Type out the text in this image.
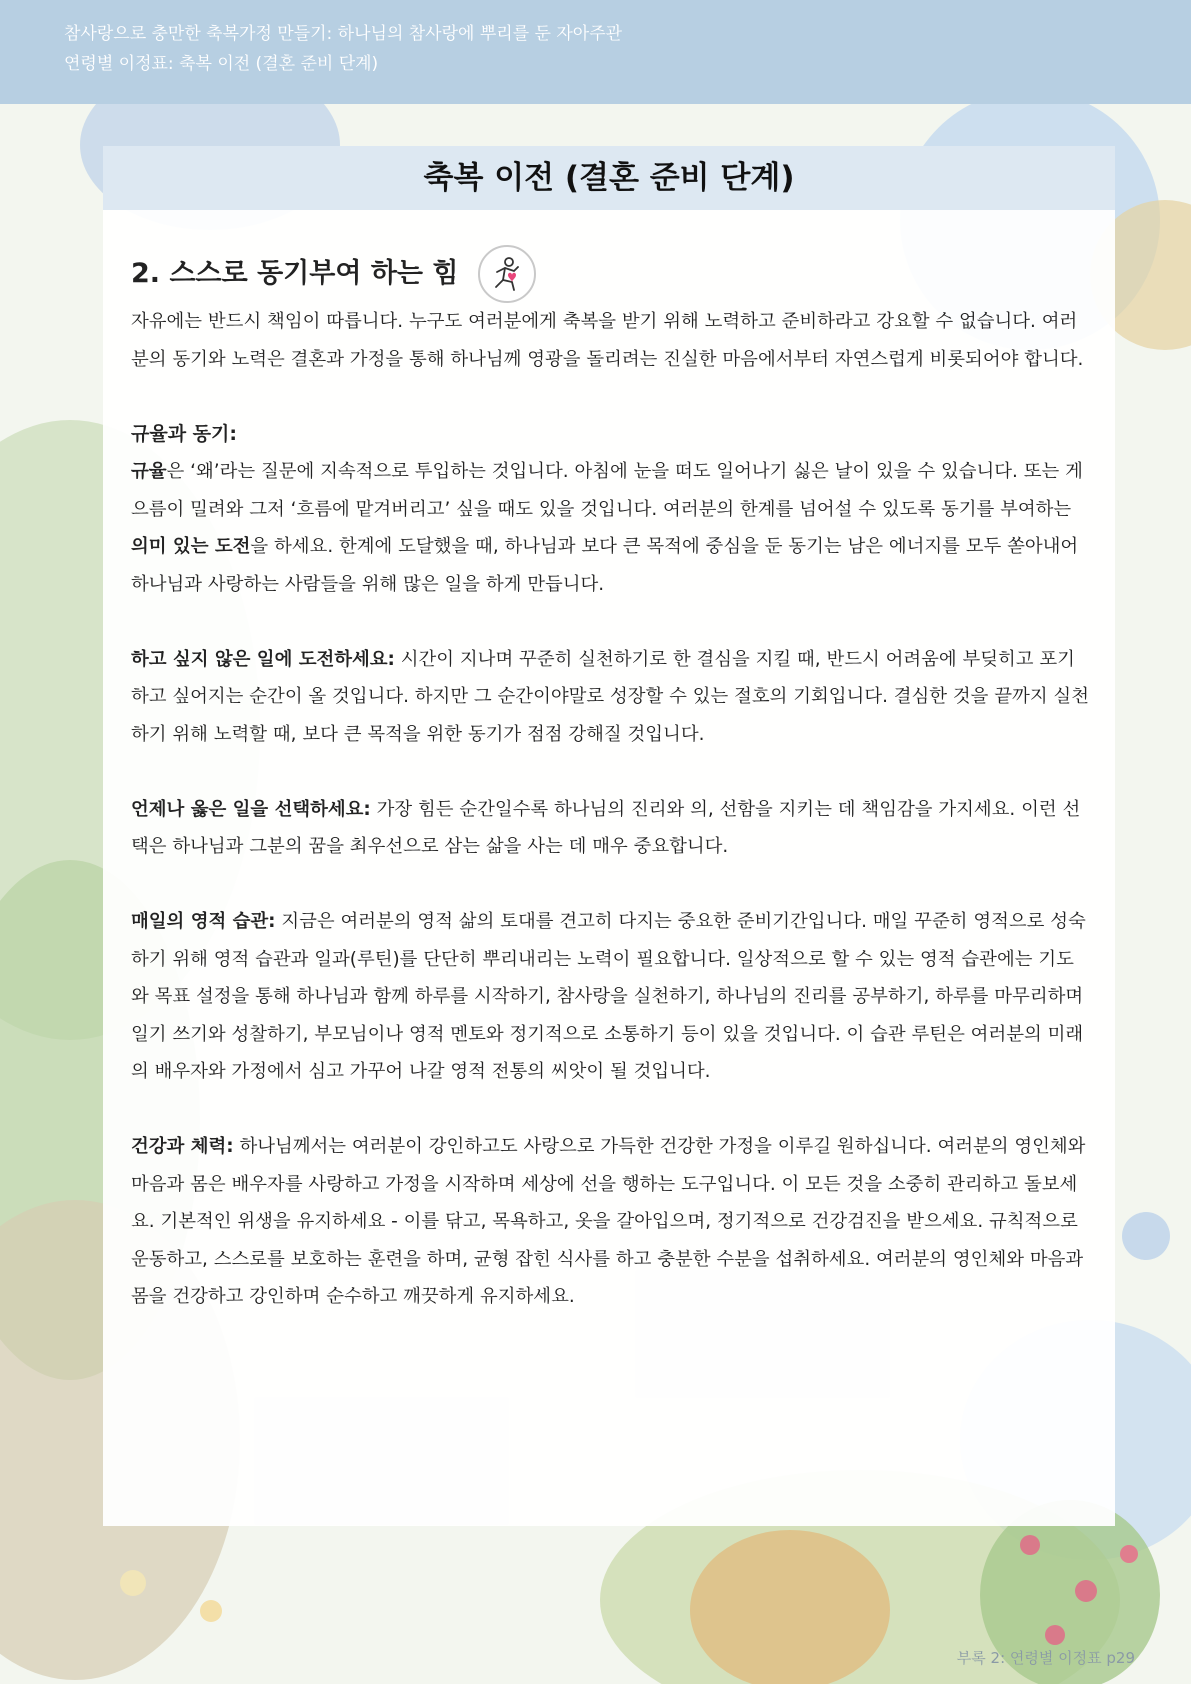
참사랑으로 충만한 축복가정 만들기: 하나님의 참사랑에 뿌리를 둔 자아주관
연령별 이정표: 축복 이전 (결혼 준비 단계)
축복 이전 (결혼 준비 단계)
2. 스스로 동기부여 하는 힘

자유에는 반드시 책임이 따릅니다. 누구도 여러분에게 축복을 받기 위해 노력하고 준비하라고 강요할 수 없습니다. 여러분의 동기와 노력은 결혼과 가정을 통해 하나님께 영광을 돌리려는 진실한 마음에서부터 자연스럽게 비롯되어야 합니다.

규율과 동기:

규율은 ‘왜’라는 질문에 지속적으로 투입하는 것입니다. 아침에 눈을 떠도 일어나기 싫은 날이 있을 수 있습니다. 또는 게으름이 밀려와 그저 ‘흐름에 맡겨버리고’ 싶을 때도 있을 것입니다. 여러분의 한계를 넘어설 수 있도록 동기를 부여하는 의미 있는 도전을 하세요. 한계에 도달했을 때, 하나님과 보다 큰 목적에 중심을 둔 동기는 남은 에너지를 모두 쏟아내어 하나님과 사랑하는 사람들을 위해 많은 일을 하게 만듭니다.

하고 싶지 않은 일에 도전하세요: 시간이 지나며 꾸준히 실천하기로 한 결심을 지킬 때, 반드시 어려움에 부딪히고 포기하고 싶어지는 순간이 올 것입니다. 하지만 그 순간이야말로 성장할 수 있는 절호의 기회입니다. 결심한 것을 끝까지 실천하기 위해 노력할 때, 보다 큰 목적을 위한 동기가 점점 강해질 것입니다.

언제나 옳은 일을 선택하세요: 가장 힘든 순간일수록 하나님의 진리와 의, 선함을 지키는 데 책임감을 가지세요. 이런 선택은 하나님과 그분의 꿈을 최우선으로 삼는 삶을 사는 데 매우 중요합니다.

매일의 영적 습관: 지금은 여러분의 영적 삶의 토대를 견고히 다지는 중요한 준비기간입니다. 매일 꾸준히 영적으로 성숙하기 위해 영적 습관과 일과(루틴)를 단단히 뿌리내리는 노력이 필요합니다. 일상적으로 할 수 있는 영적 습관에는 기도와 목표 설정을 통해 하나님과 함께 하루를 시작하기, 참사랑을 실천하기, 하나님의 진리를 공부하기, 하루를 마무리하며 일기 쓰기와 성찰하기, 부모님이나 영적 멘토와 정기적으로 소통하기 등이 있을 것입니다. 이 습관 루틴은 여러분의 미래의 배우자와 가정에서 심고 가꾸어 나갈 영적 전통의 씨앗이 될 것입니다.

건강과 체력: 하나님께서는 여러분이 강인하고도 사랑으로 가득한 건강한 가정을 이루길 원하십니다. 여러분의 영인체와 마음과 몸은 배우자를 사랑하고 가정을 시작하며 세상에 선을 행하는 도구입니다. 이 모든 것을 소중히 관리하고 돌보세요. 기본적인 위생을 유지하세요 - 이를 닦고, 목욕하고, 옷을 갈아입으며, 정기적으로 건강검진을 받으세요. 규칙적으로 운동하고, 스스로를 보호하는 훈련을 하며, 균형 잡힌 식사를 하고 충분한 수분을 섭취하세요. 여러분의 영인체와 마음과 몸을 건강하고 강인하며 순수하고 깨끗하게 유지하세요.

부록 2: 연령별 이정표 p29
